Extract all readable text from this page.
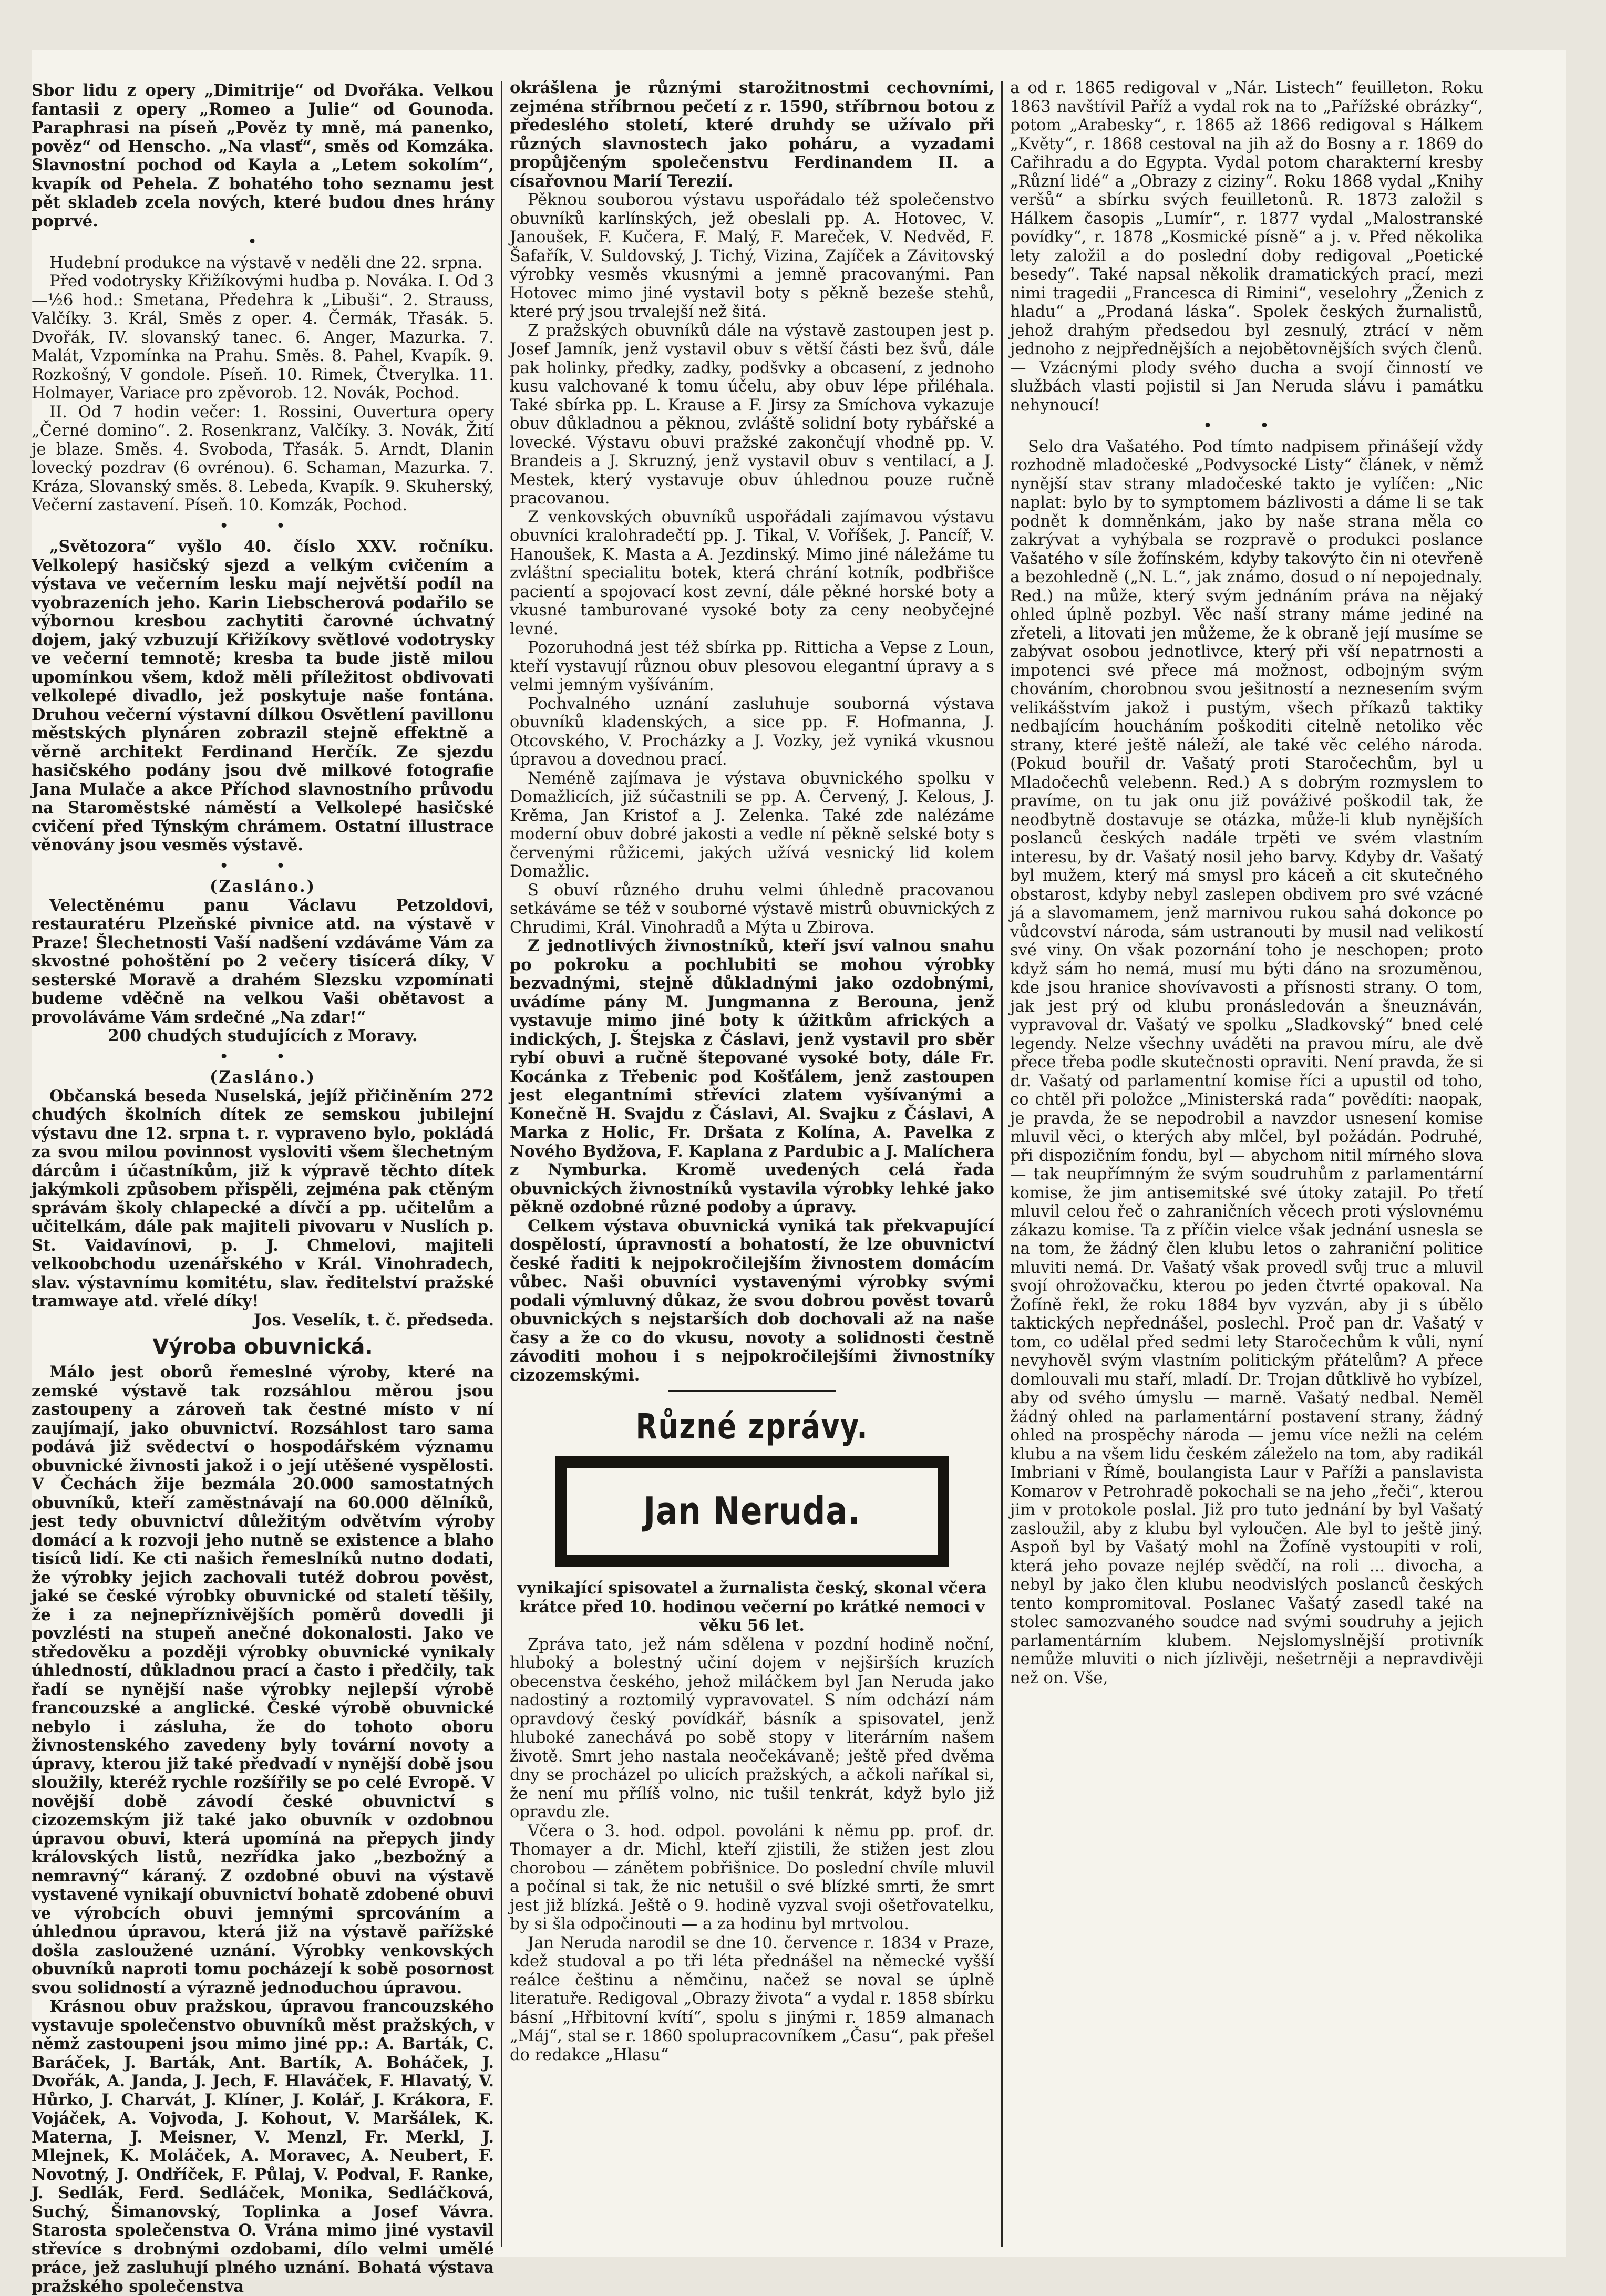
Sbor lidu z opery „Dimitrije“ od Dvořáka. Velkou fantasii z opery „Romeo a Julie“ od Gounoda. Paraphrasi na píseň „Pověz ty mně, má panenko, pověz“ od Henscho. „Na vlasť“, směs od Komzáka. Slavnostní pochod od Kayla a „Letem sokolím“, kvapík od Pehela. Z bohatého toho seznamu jest pět skladeb zcela nových, které budou dnes hrány poprvé.

•

Hudební produkce na výstavě v neděli dne 22. srpna.

Před vodotrysky Křižíkovými hudba p. Nováka. I. Od 3—½6 hod.: Smetana, Předehra k „Libuši“. 2. Strauss, Valčíky. 3. Král, Směs z oper. 4. Čermák, Třasák. 5. Dvořák, IV. slovanský tanec. 6. Anger, Mazurka. 7. Malát, Vzpomínka na Prahu. Směs. 8. Pahel, Kvapík. 9. Rozkošný, V gondole. Píseň. 10. Rimek, Čtverylka. 11. Holmayer, Variace pro zpěvorob. 12. Novák, Pochod.

II. Od 7 hodin večer: 1. Rossini, Ouvertura opery „Černé domino“. 2. Rosenkranz, Valčíky. 3. Novák, Žití je blaze. Směs. 4. Svoboda, Třasák. 5. Arndt, Dlanin lovecký pozdrav (6 ovrénou). 6. Schaman, Mazurka. 7. Kráza, Slovanský směs. 8. Lebeda, Kvapík. 9. Skuherský, Večerní zastavení. Píseň. 10. Komzák, Pochod.

• •

„Světozora“ vyšlo 40. číslo XXV. ročníku. Velkolepý hasičský sjezd a velkým cvičením a výstava ve večerním lesku mají největší podíl na vyobrazeních jeho. Karin Liebscherová podařilo se výbornou kresbou zachytiti čarovné úchvatný dojem, jaký vzbuzují Křižíkovy světlové vodotrysky ve večerní temnotě; kresba ta bude jistě milou upomínkou všem, kdož měli příležitost obdivovati velkolepé divadlo, jež poskytuje naše fontána. Druhou večerní výstavní dílkou Osvětlení pavillonu městských plynáren zobrazil stejně effektně a věrně architekt Ferdinand Herčík. Ze sjezdu hasičského podány jsou dvě milkové fotografie Jana Mulače a akce Příchod slavnostního průvodu na Staroměstské náměstí a Velkolepé hasičské cvičení před Týnským chrámem. Ostatní illustrace věnovány jsou vesměs výstavě.

• •

(Zasláno.)

Velectěnému panu Václavu Petzoldovi, restauratéru Plzeňské pivnice atd. na výstavě v Praze! Šlechetnosti Vaší nadšení vzdáváme Vám za skvostné pohoštění po 2 večery tisícerá díky, V sesterské Moravě a drahém Slezsku vzpomínati budeme vděčně na velkou Vaši obětavost a provoláváme Vám srdečné „Na zdar!“

200 chudých studujících z Moravy.

• •

(Zasláno.)

Občanská beseda Nuselská, jejíž přičiněním 272 chudých školních dítek ze semskou jubilejní výstavu dne 12. srpna t. r. vypraveno bylo, pokládá za svou milou povinnost vysloviti všem šlechetným dárcům i účastníkům, již k výpravě těchto dítek jakýmkoli způsobem přispěli, zejména pak ctěným správám školy chlapecké a dívčí a pp. učitelům a učitelkám, dále pak majiteli pivovaru v Nuslích p. St. Vaidavínovi, p. J. Chmelovi, majiteli velkoobchodu uzenářského v Král. Vinohradech, slav. výstavnímu komitétu, slav. ředitelství pražské tramwaye atd. vřelé díky!

Jos. Veselík, t. č. předseda.

Výroba obuvnická.

Málo jest oborů řemeslné výroby, které na zemské výstavě tak rozsáhlou měrou jsou zastoupeny a zároveň tak čestné místo v ní zaujímají, jako obuvnictví. Rozsáhlost taro sama podává již svědectví o hospodářském významu obuvnické živnosti jakož i o její utěšené vyspělosti. V Čechách žije bezmála 20.000 samostatných obuvníků, kteří zaměstnávají na 60.000 dělníků, jest tedy obuvnictví důležitým odvětvím výroby domácí a k rozvoji jeho nutně se existence a blaho tisíců lidí. Ke cti našich řemeslníků nutno dodati, že výrobky jejich zachovali tutéž dobrou pověst, jaké se české výrobky obuvnické od staletí těšily, že i za nejnepříznivějších poměrů dovedli ji povzlésti na stupeň anečné dokonalosti. Jako ve středověku a později výrobky obuvnické vynikaly úhledností, důkladnou prací a často i předčily, tak řadí se nynější naše výrobky nejlepší výrobě francouzské a anglické. České výrobě obuvnické nebylo i zásluha, že do tohoto oboru živnostenského zavedeny byly tovární novoty a úpravy, kterou již také předvadí v nynější době jsou sloužily, kteréž rychle rozšířily se po celé Evropě. V novější době závodí české obuvnictví s cizozemským již také jako obuvník v ozdobnou úpravou obuvi, která upomíná na přepych jindy královských listů, nezřídka jako „bezbožný a nemravný“ káraný. Z ozdobné obuvi na výstavě vystavené vynikají obuvnictví bohatě zdobené obuvi ve výrobcích obuvi jemnými sprcováním a úhlednou úpravou, která již na výstavě pařížské došla zasloužené uznání. Výrobky venkovských obuvníků naproti tomu pocházejí k sobě posornost svou solidností a výrazně jednoduchou úpravou.

Krásnou obuv pražskou, úpravou francouzského vystavuje společenstvo obuvníků měst pražských, v němž zastoupeni jsou mimo jiné pp.: A. Barták, C. Baráček, J. Barták, Ant. Bartík, A. Boháček, J. Dvořák, A. Janda, J. Jech, F. Hlaváček, F. Hlavatý, V. Hůrko, J. Charvát, J. Klíner, J. Kolář, J. Krákora, F. Vojáček, A. Vojvoda, J. Kohout, V. Maršálek, K. Materna, J. Meisner, V. Menzl, Fr. Merkl, J. Mlejnek, K. Moláček, A. Moravec, A. Neubert, F. Novotný, J. Ondříček, F. Půlaj, V. Podval, F. Ranke, J. Sedlák, Ferd. Sedláček, Monika, Sedláčková, Suchý, Šimanovský, Toplinka a Josef Vávra. Starosta společenstva O. Vrána mimo jiné vystavil střevíce s drobnými ozdobami, dílo velmi umělé práce, jež zasluhují plného uznání. Bohatá výstava pražského společenstva

okrášlena je různými starožitnostmi cechovními, zejména stříbrnou pečetí z r. 1590, stříbrnou botou z předeslého století, které druhdy se užívalo při různých slavnostech jako poháru, a vyzadami propůjčeným společenstvu Ferdinandem II. a císařovnou Marií Terezií.

Pěknou souborou výstavu uspořádalo též společenstvo obuvníků karlínských, jež obeslali pp. A. Hotovec, V. Janoušek, F. Kučera, F. Malý, F. Mareček, V. Nedvěd, F. Šafařík, V. Suldovský, J. Tichý, Vizina, Zajíček a Závitovský výrobky vesměs vkusnými a jemně pracovanými. Pan Hotovec mimo jiné vystavil boty s pěkně bezeše stehů, které prý jsou trvalejší než šitá.

Z pražských obuvníků dále na výstavě zastoupen jest p. Josef Jamník, jenž vystavil obuv s větší části bez švů, dále pak holinky, předky, zadky, podšvky a obcasení, z jednoho kusu valchované k tomu účelu, aby obuv lépe přiléhala. Také sbírka pp. L. Krause a F. Jirsy za Smíchova vykazuje obuv důkladnou a pěknou, zvláště solidní boty rybářské a lovecké. Výstavu obuvi pražské zakončují vhodně pp. V. Brandeis a J. Skruzný, jenž vystavil obuv s ventilací, a J. Mestek, který vystavuje obuv úhlednou pouze ručně pracovanou.

Z venkovských obuvníků uspořádali zajímavou výstavu obuvníci kralohradečtí pp. J. Tikal, V. Voříšek, J. Pancíř, V. Hanoušek, K. Masta a A. Jezdinský. Mimo jiné náležáme tu zvláštní specialitu botek, která chrání kotník, podbřišce pacientí a spojovací kost zevní, dále pěkné horské boty a vkusné tamburované vysoké boty za ceny neobyčejné levné.

Pozoruhodná jest též sbírka pp. Ritticha a Vepse z Loun, kteří vystavují různou obuv plesovou elegantní úpravy a s velmi jemným vyšíváním.

Pochvalného uznání zasluhuje souborná výstava obuvníků kladenských, a sice pp. F. Hofmanna, J. Otcovského, V. Procházky a J. Vozky, jež vyniká vkusnou úpravou a dovednou prací.

Neméně zajímava je výstava obuvnického spolku v Domažlicích, již súčastnili se pp. A. Červený, J. Kelous, J. Krěma, Jan Kristof a J. Zelenka. Také zde nalézáme moderní obuv dobré jakosti a vedle ní pěkně selské boty s červenými růžicemi, jakých užívá vesnický lid kolem Domažlic.

S obuví různého druhu velmi úhledně pracovanou setkáváme se též v souborné výstavě mistrů obuvnických z Chrudimi, Král. Vinohradů a Mýta u Zbirova.

Z jednotlivých živnostníků, kteří jsví valnou snahu po pokroku a pochlubiti se mohou výrobky bezvadnými, stejně důkladnými jako ozdobnými, uvádíme pány M. Jungmanna z Berouna, jenž vystavuje mimo jiné boty k úžitkům afrických a indických, J. Štejska z Čáslavi, jenž vystavil pro sběr rybí obuvi a ručně štepované vysoké boty, dále Fr. Kocánka z Třebenic pod Košťálem, jenž zastoupen jest elegantními střevíci zlatem vyšívanými a Konečně H. Svajdu z Čáslavi, Al. Svajku z Čáslavi, A Marka z Holic, Fr. Dršata z Kolína, A. Pavelka z Nového Bydžova, F. Kaplana z Pardubic a J. Malíchera z Nymburka. Kromě uvedených celá řada obuvnických živnostníků vystavila výrobky lehké jako pěkně ozdobné různé podoby a úpravy.

Celkem výstava obuvnická vyniká tak překvapující dospělostí, úpravností a bohatostí, že lze obuvnictví české řaditi k nejpokročilejším živnostem domácím vůbec. Naši obuvníci vystavenými výrobky svými podali výmluvný důkaz, že svou dobrou pověst tovarů obuvnických s nejstarších dob dochovali až na naše časy a že co do vkusu, novoty a solidnosti čestně závoditi mohou i s nejpokročilejšími živnostníky cizozemskými.

Různé zprávy.
Jan Neruda.

vynikající spisovatel a žurnalista český, skonal včera krátce před 10. hodinou večerní po krátké nemoci v věku 56 let.

Zpráva tato, jež nám sdělena v pozdní hodině noční, hluboký a bolestný učiní dojem v nejširších kruzích obecenstva českého, jehož miláčkem byl Jan Neruda jako nadostiný a roztomilý vypravovatel. S ním odchází nám opravdový český povídkář, básník a spisovatel, jenž hluboké zanechává po sobě stopy v literárním našem životě. Smrt jeho nastala neočekávaně; ještě před dvěma dny se procházel po ulicích pražských, a ačkoli naříkal si, že není mu přílíš volno, nic tušil tenkrát, když bylo již opravdu zle.

Včera o 3. hod. odpol. povoláni k němu pp. prof. dr. Thomayer a dr. Michl, kteří zjistili, že stižen jest zlou chorobou — zánětem pobřišnice. Do poslední chvíle mluvil a počínal si tak, že nic netušil o své blízké smrti, že smrt jest již blízká. Ještě o 9. hodině vyzval svoji ošetřovatelku, by si šla odpočinouti — a za hodinu byl mrtvolou.

Jan Neruda narodil se dne 10. července r. 1834 v Praze, kdež studoval a po tři léta přednášel na německé vyšší reálce češtinu a němčinu, načež se noval se úplně literatuře. Redigoval „Obrazy života“ a vydal r. 1858 sbírku básní „Hřbitovní kvítí“, spolu s jinými r. 1859 almanach „Máj“, stal se r. 1860 spolupracovníkem „Času“, pak přešel do redakce „Hlasu“

a od r. 1865 redigoval v „Nár. Listech“ feuilleton. Roku 1863 navštívil Paříž a vydal rok na to „Pařížské obrázky“, potom „Arabesky“, r. 1865 až 1866 redigoval s Hálkem „Květy“, r. 1868 cestoval na jih až do Bosny a r. 1869 do Cařihradu a do Egypta. Vydal potom charakterní kresby „Různí lidé“ a „Obrazy z ciziny“. Roku 1868 vydal „Knihy veršů“ a sbírku svých feuilletonů. R. 1873 založil s Hálkem časopis „Lumír“, r. 1877 vydal „Malostranské povídky“, r. 1878 „Kosmické písně“ a j. v. Před několika lety založil a do poslední doby redigoval „Poetické besedy“. Také napsal několik dramatických prací, mezi nimi tragedii „Francesca di Rimini“, veselohry „Ženich z hladu“ a „Prodaná láska“. Spolek českých žurnalistů, jehož drahým předsedou byl zesnulý, ztrácí v něm jednoho z nejpřednějších a nejobětovnějších svých členů. — Vzácnými plody svého ducha a svojí činností ve službách vlasti pojistil si Jan Neruda slávu i památku nehynoucí!

• •

Selo dra Vašatého. Pod tímto nadpisem přinášejí vždy rozhodně mladočeské „Podvysocké Listy“ článek, v němž nynější stav strany mladočeské takto je vylíčen: „Nic naplat: bylo by to symptomem bázlivosti a dáme li se tak podnět k domněnkám, jako by naše strana měla co zakrývat a vyhýbala se rozpravě o produkci poslance Vašatého v síle žofínském, kdyby takovýto čin ni otevřeně a bezohledně („N. L.“, jak známo, dosud o ní nepojednaly. Red.) na může, který svým jednáním práva na nějaký ohled úplně pozbyl. Věc naší strany máme jediné na zřeteli, a litovati jen můžeme, že k obraně její musíme se zabývat osobou jednotlivce, který při vší nepatrnosti a impotenci své přece má možnost, odbojným svým chováním, chorobnou svou ješitností a neznesením svým velikášstvím jakož i pustým, všech příkazů taktiky nedbajícím houcháním poškoditi citelně netoliko věc strany, které ještě náleží, ale také věc celého národa. (Pokud bouřil dr. Vašatý proti Staročechům, byl u Mladočechů velebenn. Red.) A s dobrým rozmyslem to pravíme, on tu jak onu již pováživé poškodil tak, že neodbytně dostavuje se otázka, může-li klub nynějších poslanců českých nadále trpěti ve svém vlastním interesu, by dr. Vašatý nosil jeho barvy. Kdyby dr. Vašatý byl mužem, který má smysl pro káceň a cit skutečného obstarost, kdyby nebyl zaslepen obdivem pro své vzácné já a slavomamem, jenž marnivou rukou sahá dokonce po vůdcovství národa, sám ustranouti by musil nad velikostí své viny. On však pozornání toho je neschopen; proto když sám ho nemá, musí mu býti dáno na srozuměnou, kde jsou hranice shovívavosti a přísnosti strany. O tom, jak jest prý od klubu pronásledován a šneuznáván, vypravoval dr. Vašatý ve spolku „Sladkovský“ bned celé legendy. Nelze všechny uváděti na pravou míru, ale dvě přece třeba podle skutečnosti opraviti. Není pravda, že si dr. Vašatý od parlamentní komise říci a upustil od toho, co chtěl při položce „Ministerská rada“ povědíti: naopak, je pravda, že se nepodrobil a navzdor usnesení komise mluvil věci, o kterých aby mlčel, byl požádán. Podruhé, při dispozičním fondu, byl — abychom nitil mírného slova — tak neupřímným že svým soudruhům z parlamentární komise, že jim antisemitské své útoky zatajil. Po třetí mluvil celou řeč o zahraničních věcech proti výslovnému zákazu komise. Ta z příčin vielce však jednání usnesla se na tom, že žádný člen klubu letos o zahraniční politice mluviti nemá. Dr. Vašatý však provedl svůj truc a mluvil svojí ohrožovačku, kterou po jeden čtvrté opakoval. Na Žofíně řekl, že roku 1884 byv vyzván, aby ji s úbělo taktických nepřednášel, poslechl. Proč pan dr. Vašatý v tom, co udělal před sedmi lety Staročechům k vůli, nyní nevyhověl svým vlastním politickým přátelům? A přece domlouvali mu staří, mladí. Dr. Trojan důtklivě ho vybízel, aby od svého úmyslu — marně. Vašatý nedbal. Neměl žádný ohled na parlamentární postavení strany, žádný ohled na prospěchy národa — jemu více nežli na celém klubu a na všem lidu českém záleželo na tom, aby radikál Imbriani v Římě, boulangista Laur v Paříži a panslavista Komarov v Petrohradě pokochali se na jeho „řeči“, kterou jim v protokole poslal. Již pro tuto jednání by byl Vašatý zasloužil, aby z klubu byl vyloučen. Ale byl to ještě jiný. Aspoň byl by Vašatý mohl na Žofíně vystoupiti v roli, která jeho povaze nejlép svědčí, na roli ... divocha, a nebyl by jako člen klubu neodvislých poslanců českých tento kompromitoval. Poslanec Vašatý zasedl také na stolec samozvaného soudce nad svými soudruhy a jejich parlamentárním klubem. Nejslomyslnější protivník nemůže mluviti o nich jízlivěji, nešetrněji a nepravdivěji než on. Vše,
